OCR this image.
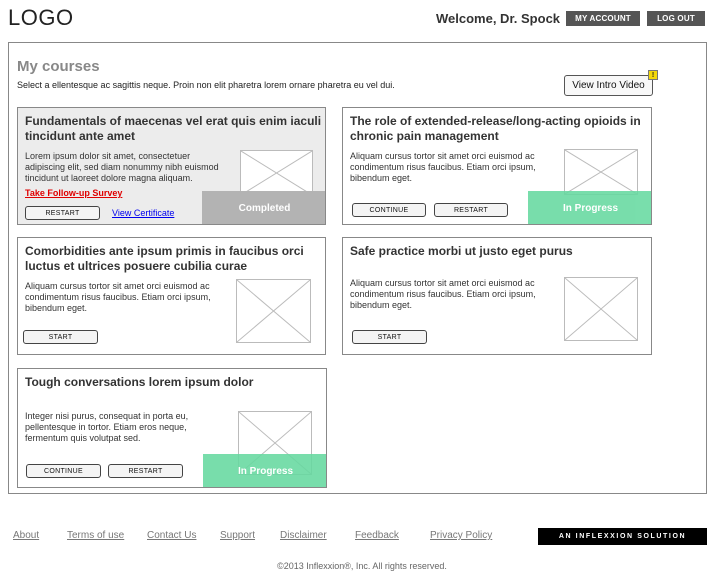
LOGO	Welcome, Dr. Spock	MY ACCOUNT	LOG OUT
My courses
Select a ellentesque ac sagittis neque. Proin non elit pharetra lorem ornare pharetra eu vel dui.	View Intro Video
!
Fundamentals of maecenas vel erat quis enim iaculi tincidunt ante amet
Lorem ipsum dolor sit amet, consectetuer adipiscing elit, sed diam nonummy nibh euismod tincidunt ut laoreet dolore magna aliquam.
Take Follow-up Survey
RESTART	View Certificate	Completed
The role of extended-release/long-acting opioids in chronic pain management
Aliquam cursus tortor sit amet orci euismod ac condimentum risus faucibus. Etiam orci ipsum, bibendum eget.
CONTINUE	RESTART	In Progress
Comorbidities ante ipsum primis in faucibus orci luctus et ultrices posuere cubilia curae
Aliquam cursus tortor sit amet orci euismod ac condimentum risus faucibus. Etiam orci ipsum, bibendum eget.
START
Safe practice morbi ut justo eget purus
Aliquam cursus tortor sit amet orci euismod ac condimentum risus faucibus. Etiam orci ipsum, bibendum eget.
START
Tough conversations lorem ipsum dolor
Integer nisi purus, consequat in porta eu, pellentesque in tortor. Etiam eros neque, fermentum quis volutpat sed.
CONTINUE	RESTART	In Progress
About	Terms of use Contact Us Support Disclaimer	Feedback	Privacy Policy	AN INFLEXXION SOLUTION
©2013 Inflexxion®, Inc. All rights reserved.
